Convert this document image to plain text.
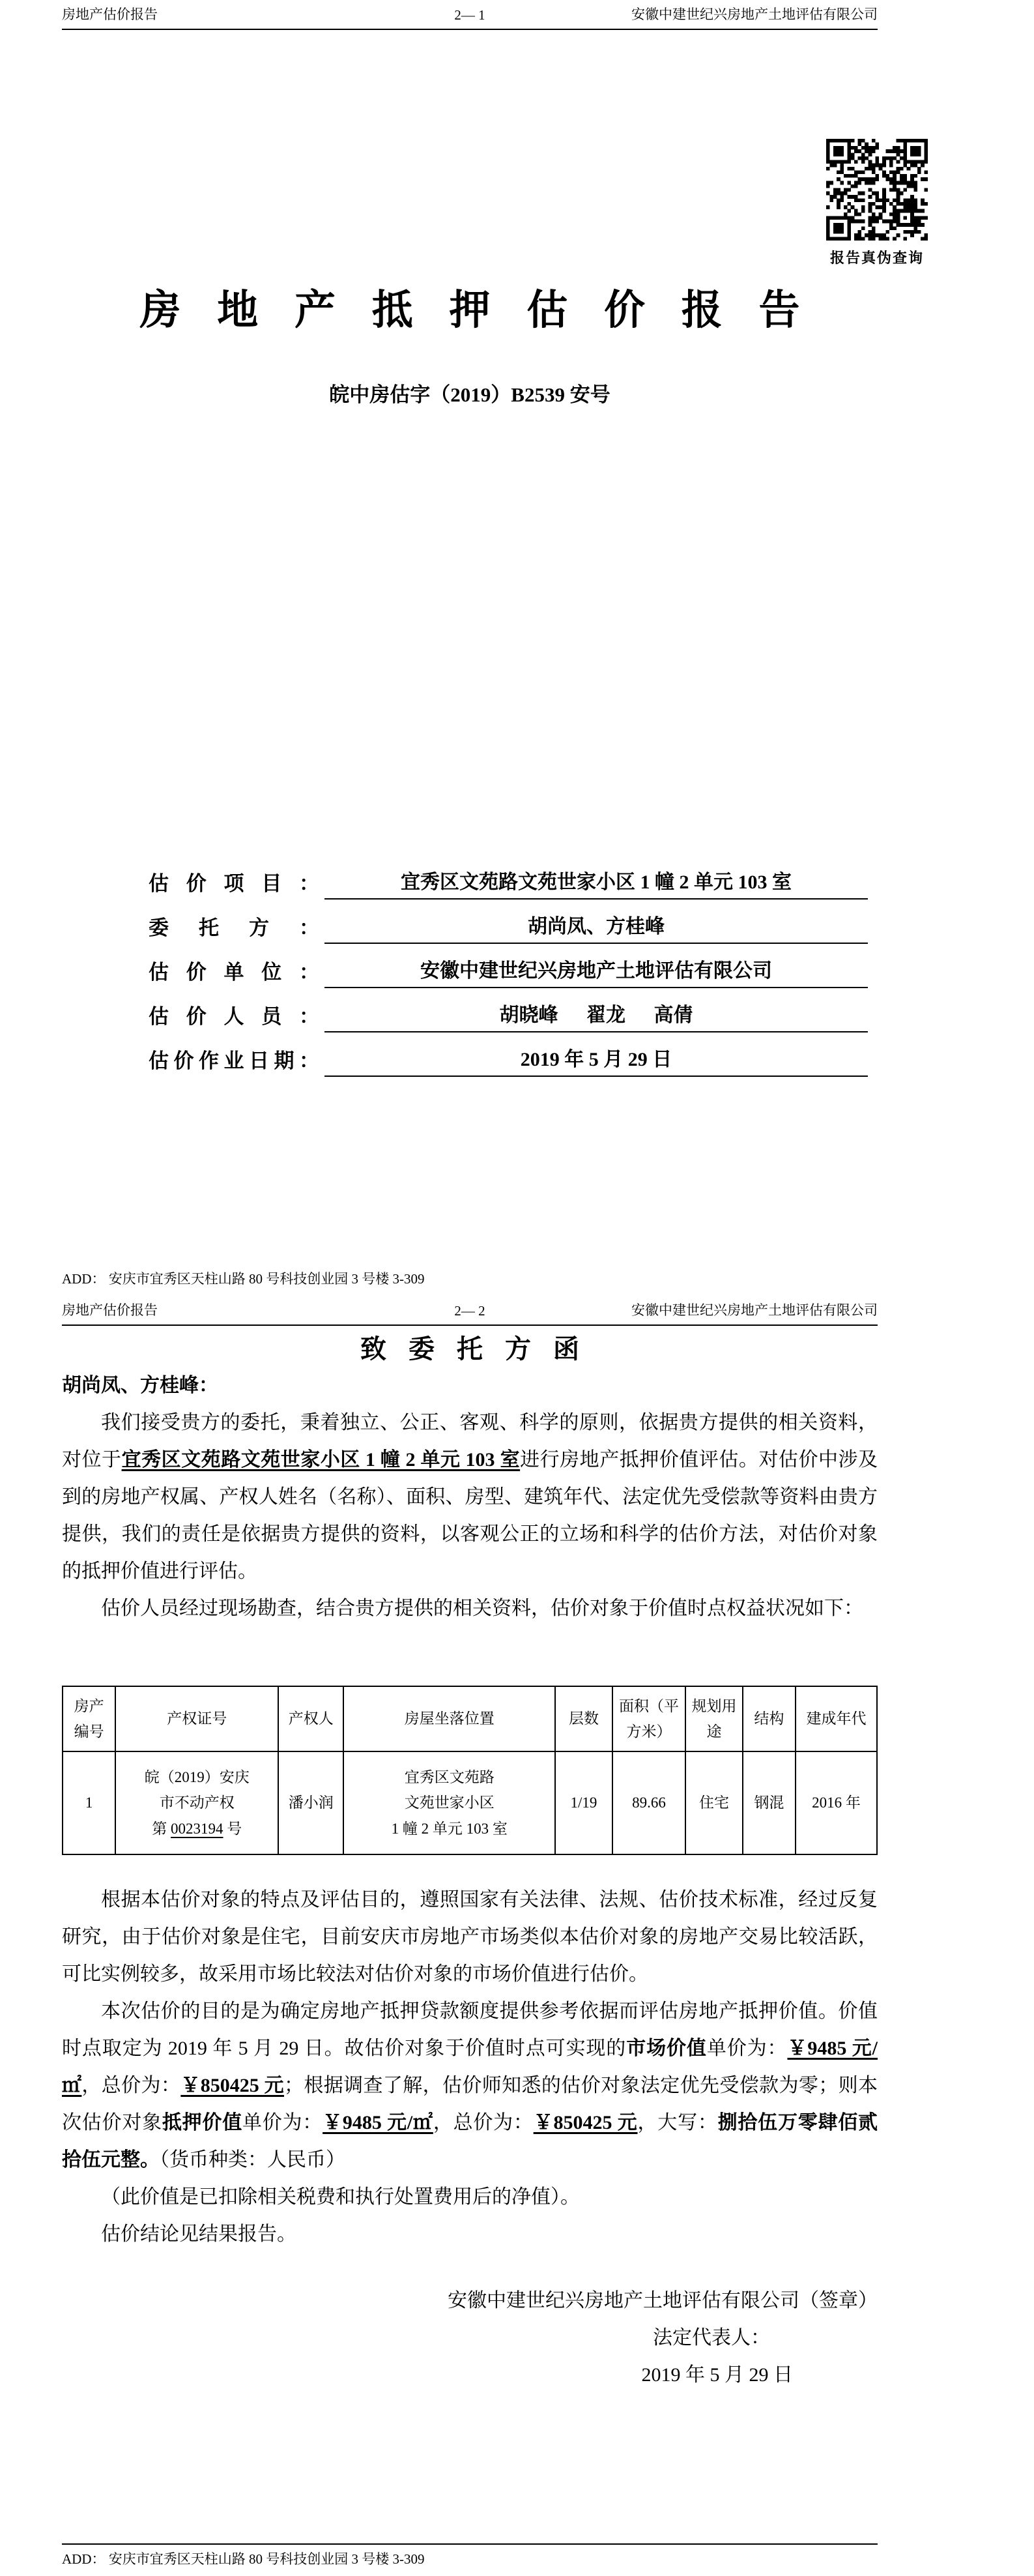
房地产估价报告	2— 1	安徽中建世纪兴房地产土地评估有限公司
报告真伪查询
房 地 产 抵 押 估 价 报 告
皖中房估字（2019）B2539 安号
估 价 项 目 ：	宜秀区文苑路文苑世家小区 1 幢 2 单元 103 室
委 托 方 ：	胡尚凤、方桂峰
估 价 单 位 ：	安徽中建世纪兴房地产土地评估有限公司
估 价 人 员 ：	胡晓峰 翟龙 高倩
估价作业日期：	2019 年 5 月 29 日
ADD： 安庆市宜秀区天柱山路 80 号科技创业园 3 号楼 3-309
房地产估价报告	2— 2	安徽中建世纪兴房地产土地评估有限公司
致 委 托 方 函
胡尚凤、方桂峰：

我们接受贵方的委托，秉着独立、公正、客观、科学的原则，依据贵方提供的相关资料，对位于宜秀区文苑路文苑世家小区 1 幢 2 单元 103 室进行房地产抵押价值评估。对估价中涉及到的房地产权属、产权人姓名（名称）、面积、房型、建筑年代、法定优先受偿款等资料由贵方提供，我们的责任是依据贵方提供的资料，以客观公正的立场和科学的估价方法，对估价对象的抵押价值进行评估。

估价人员经过现场勘查，结合贵方提供的相关资料，估价对象于价值时点权益状况如下：

房产编号	产权证号	产权人	房屋坐落位置	层数	面积（平方米）	规划用途	结构	建成年代
1	皖（2019）安庆
市不动产权
第 0023194 号	潘小润	宜秀区文苑路
文苑世家小区
1 幢 2 单元 103 室	1/19	89.66	住宅	钢混	2016 年

根据本估价对象的特点及评估目的，遵照国家有关法律、法规、估价技术标准，经过反复研究，由于估价对象是住宅，目前安庆市房地产市场类似本估价对象的房地产交易比较活跃，可比实例较多，故采用市场比较法对估价对象的市场价值进行估价。

本次估价的目的是为确定房地产抵押贷款额度提供参考依据而评估房地产抵押价值。价值时点取定为 2019 年 5 月 29 日。故估价对象于价值时点可实现的市场价值单价为：￥9485 元/㎡，总价为：￥850425 元；根据调查了解，估价师知悉的估价对象法定优先受偿款为零；则本次估价对象抵押价值单价为：￥9485 元/㎡，总价为：￥850425 元，大写：捌拾伍万零肆佰贰拾伍元整。（货币种类：人民币）

（此价值是已扣除相关税费和执行处置费用后的净值）。

估价结论见结果报告。

安徽中建世纪兴房地产土地评估有限公司（签章）
法定代表人：
2019 年 5 月 29 日
ADD： 安庆市宜秀区天柱山路 80 号科技创业园 3 号楼 3-309
